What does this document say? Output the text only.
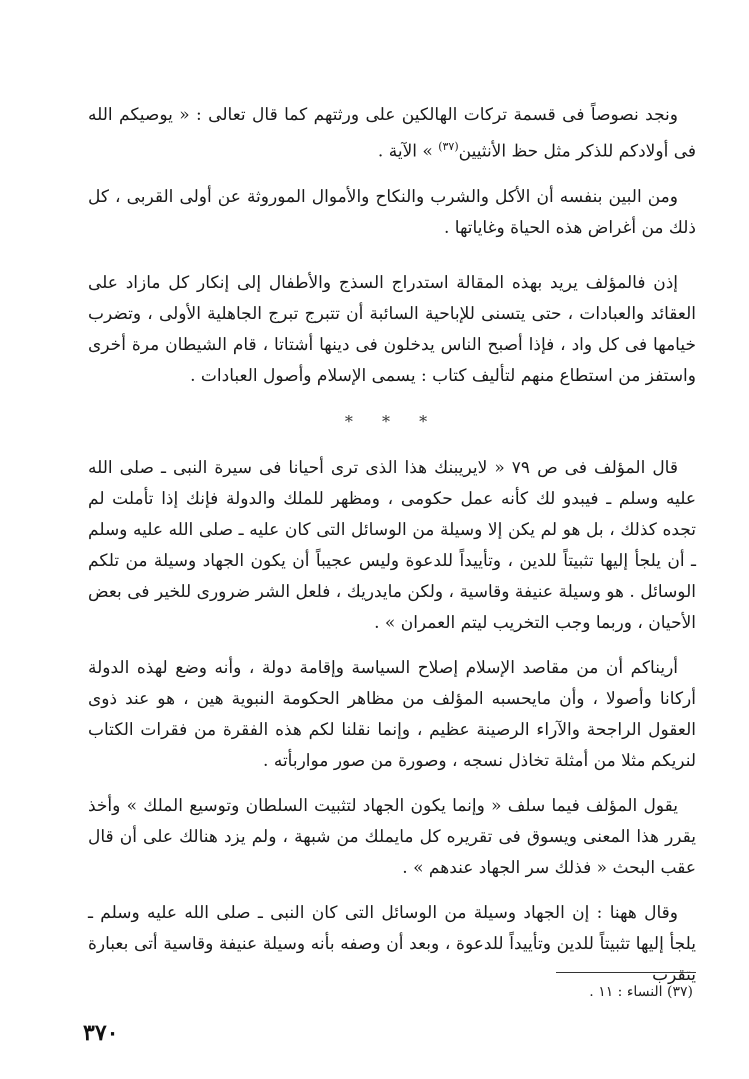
ونجد نصوصاً فى قسمة تركات الهالكين على ورثتهم كما قال تعالى : « يوصيكم الله فى أولادكم للذكر مثل حظ الأنثيين$^{(٣٧)}$ » الآية .

ومن البين بنفسه أن الأكل والشرب والنكاح والأموال الموروثة عن أولى القربى ، كل ذلك من أغراض هذه الحياة وغاياتها .

إذن فالمؤلف يريد بهذه المقالة استدراج السذج والأطفال إلى إنكار كل مازاد على العقائد والعبادات ، حتى يتسنى للإباحية السائبة أن تتبرج تبرج الجاهلية الأولى ، وتضرب خيامها فى كل واد ، فإذا أصبح الناس يدخلون فى دينها أشتاتا ، قام الشيطان مرة أخرى واستفز من استطاع منهم لتأليف كتاب : يسمى الإسلام وأصول العبادات .

* * *

قال المؤلف فى ص ٧٩ « لايريبنك هذا الذى ترى أحيانا فى سيرة النبى ـ صلى الله عليه وسلم ـ فيبدو لك كأنه عمل حكومى ، ومظهر للملك والدولة فإنك إذا تأملت لم تجده كذلك ، بل هو لم يكن إلا وسيلة من الوسائل التى كان عليه ـ صلى الله عليه وسلم ـ أن يلجأ إليها تثبيتاً للدين ، وتأييداً للدعوة وليس عجيباً أن يكون الجهاد وسيلة من تلكم الوسائل . هو وسيلة عنيفة وقاسية ، ولكن مايدريك ، فلعل الشر ضرورى للخير فى بعض الأحيان ، وربما وجب التخريب ليتم العمران » .

أريناكم أن من مقاصد الإسلام إصلاح السياسة وإقامة دولة ، وأنه وضع لهذه الدولة أركانا وأصولا ، وأن مايحسبه المؤلف من مظاهر الحكومة النبوية هين ، هو عند ذوى العقول الراجحة والآراء الرصينة عظيم ، وإنما نقلنا لكم هذه الفقرة من فقرات الكتاب لنريكم مثلا من أمثلة تخاذل نسجه ، وصورة من صور مواربأته .

يقول المؤلف فيما سلف « وإنما يكون الجهاد لتثبيت السلطان وتوسيع الملك » وأخذ يقرر هذا المعنى ويسوق فى تقريره كل مايملك من شبهة ، ولم يزد هنالك على أن قال عقب البحث « فذلك سر الجهاد عندهم » .

وقال ههنا : إن الجهاد وسيلة من الوسائل التى كان النبى ـ صلى الله عليه وسلم ـ يلجأ إليها تثبيتاً للدين وتأييداً للدعوة ، وبعد أن وصفه بأنه وسيلة عنيفة وقاسية أتى بعبارة يتقرب

(٣٧) النساء : ١١ .
٣٧٠
